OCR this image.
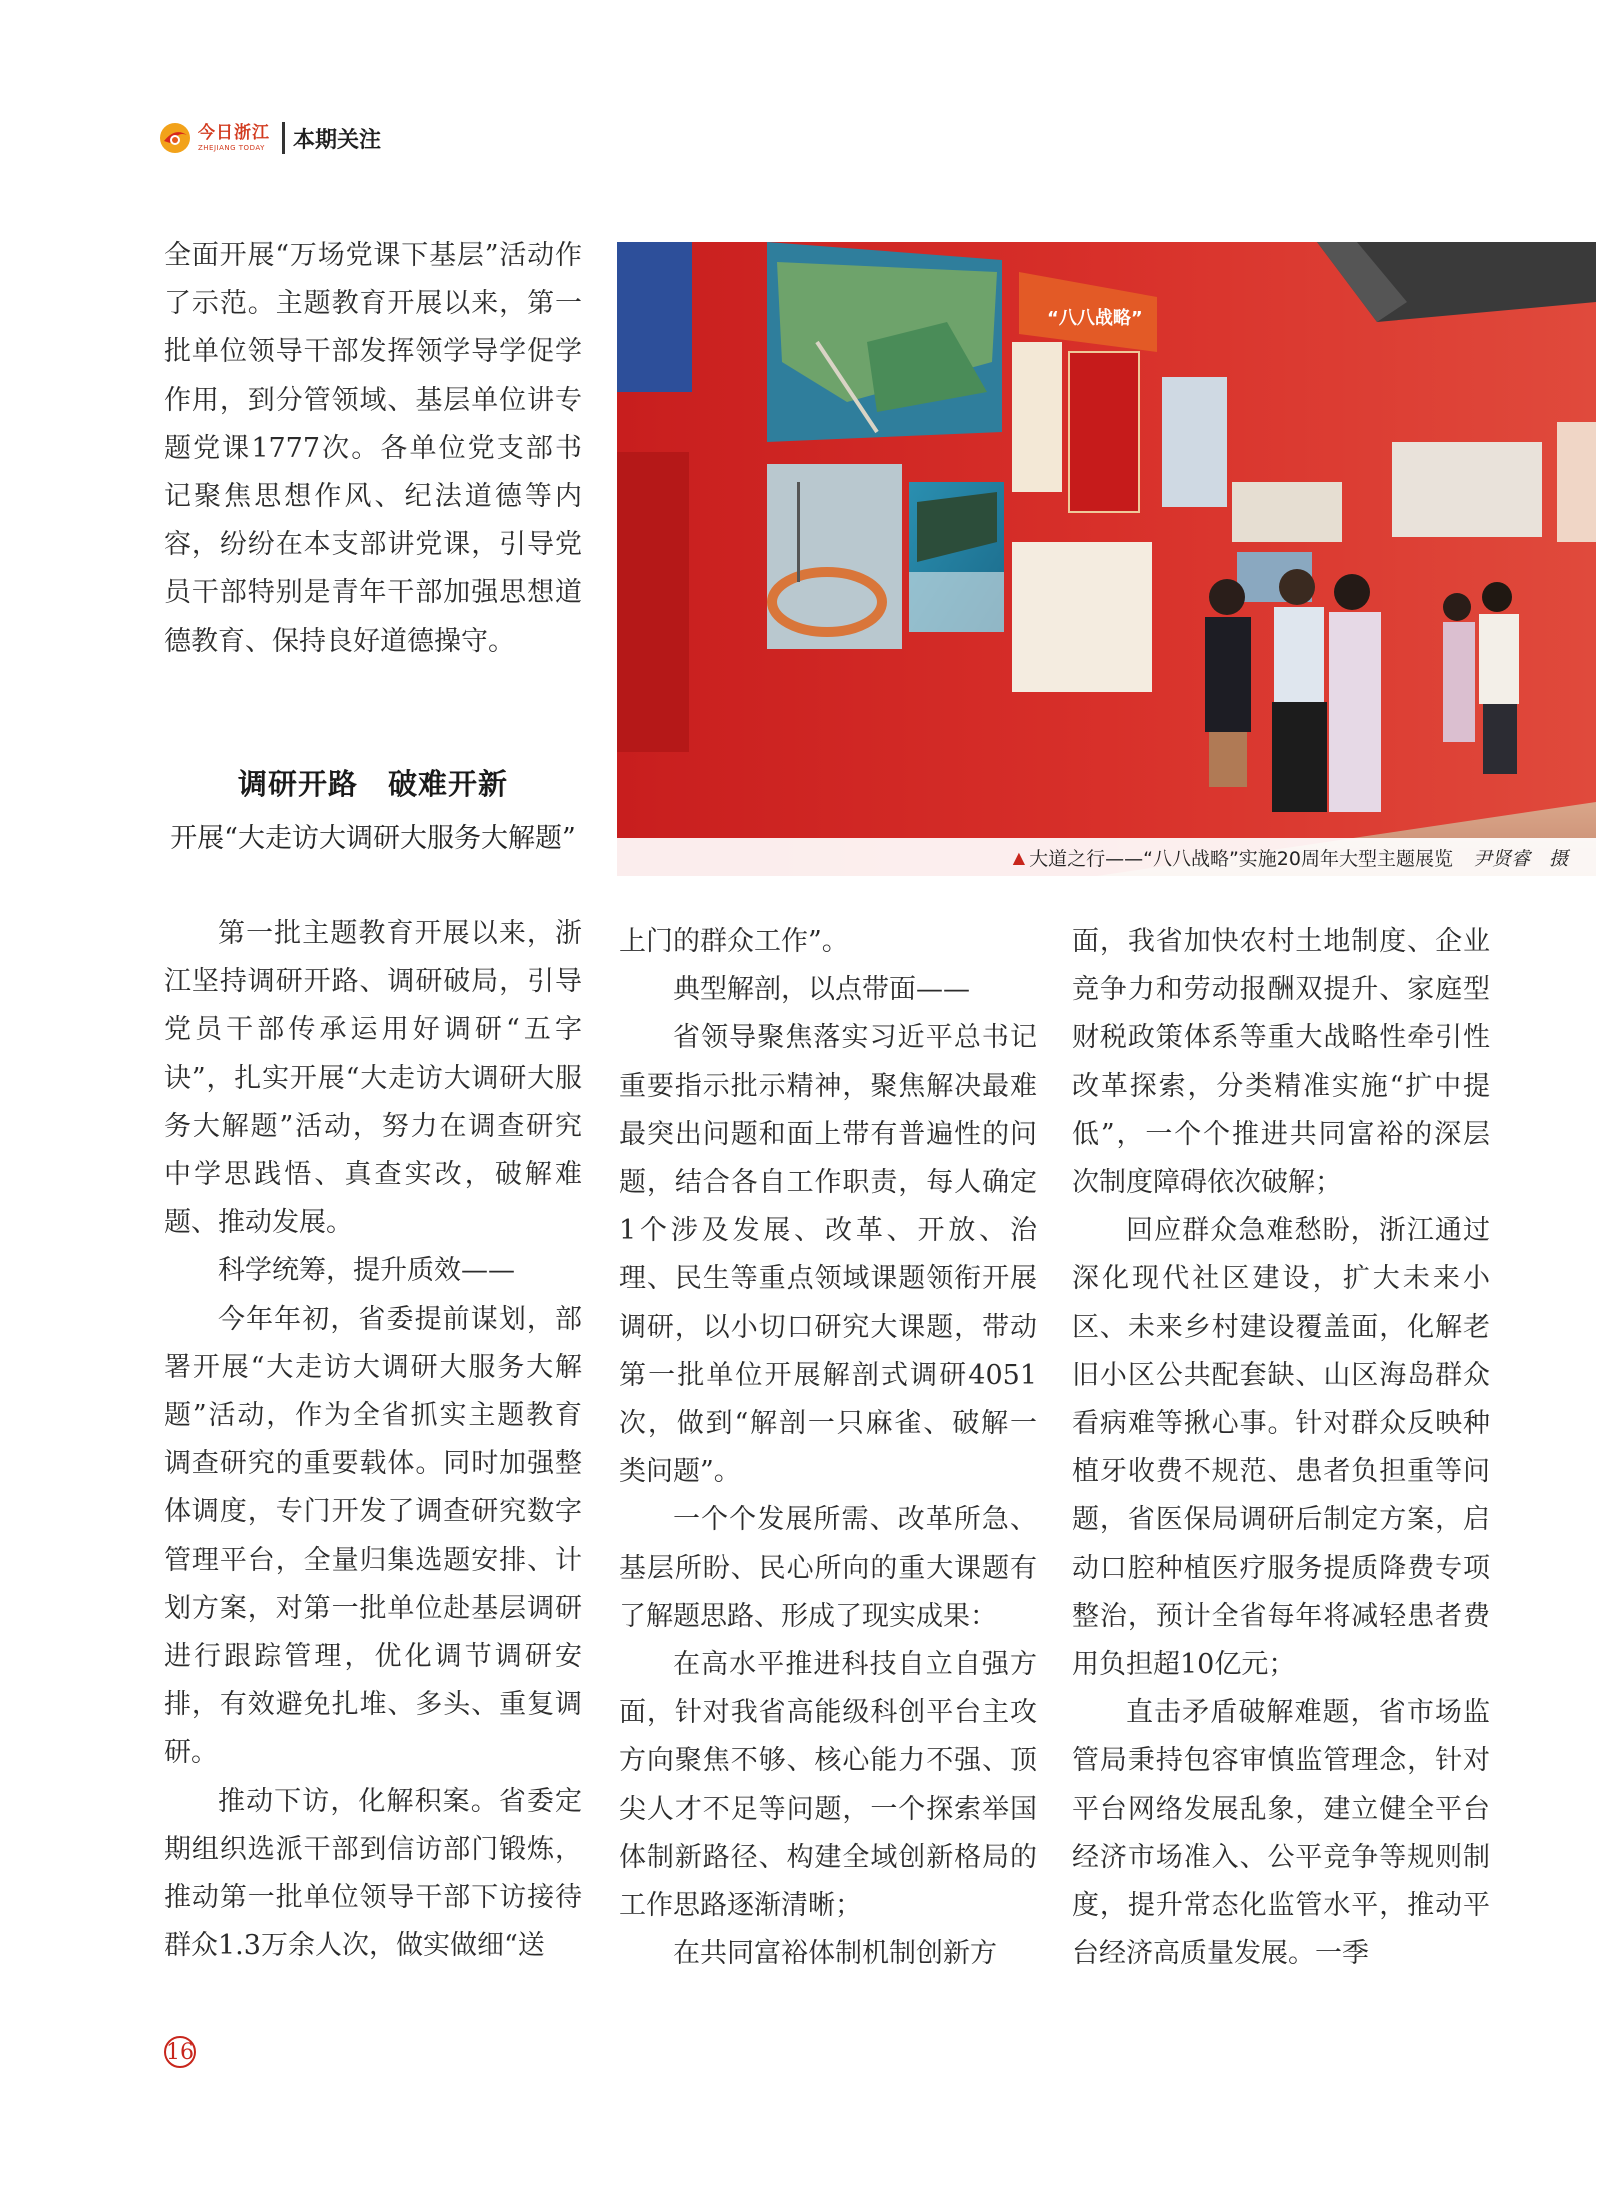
今日浙江
ZHEJIANG TODAY 本期关注

全面开展“万场党课下基层”活动作了示范。主题教育开展以来，第一批单位领导干部发挥领学导学促学作用，到分管领域、基层单位讲专题党课1777次。各单位党支部书记聚焦思想作风、纪法道德等内容，纷纷在本支部讲党课，引导党员干部特别是青年干部加强思想道德教育、保持良好道德操守。

调研开路　破难开新
开展“大走访大调研大服务大解题”
“八八战略”
▲ 大道之行——“八八战略”实施20周年大型主题展览 尹贤睿　摄

第一批主题教育开展以来，浙江坚持调研开路、调研破局，引导党员干部传承运用好调研“五字诀”，扎实开展“大走访大调研大服务大解题”活动，努力在调查研究中学思践悟、真查实改，破解难题、推动发展。

科学统筹，提升质效——

今年年初，省委提前谋划，部署开展“大走访大调研大服务大解题”活动，作为全省抓实主题教育调查研究的重要载体。同时加强整体调度，专门开发了调查研究数字管理平台，全量归集选题安排、计划方案，对第一批单位赴基层调研进行跟踪管理，优化调节调研安排，有效避免扎堆、多头、重复调研。

推动下访，化解积案。省委定期组织选派干部到信访部门锻炼，推动第一批单位领导干部下访接待群众1.3万余人次，做实做细“送

上门的群众工作”。

典型解剖，以点带面——

省领导聚焦落实习近平总书记重要指示批示精神，聚焦解决最难最突出问题和面上带有普遍性的问题，结合各自工作职责，每人确定1个涉及发展、改革、开放、治理、民生等重点领域课题领衔开展调研，以小切口研究大课题，带动第一批单位开展解剖式调研4051次，做到“解剖一只麻雀、破解一类问题”。

一个个发展所需、改革所急、基层所盼、民心所向的重大课题有了解题思路、形成了现实成果：

在高水平推进科技自立自强方面，针对我省高能级科创平台主攻方向聚焦不够、核心能力不强、顶尖人才不足等问题，一个探索举国体制新路径、构建全域创新格局的工作思路逐渐清晰；

在共同富裕体制机制创新方

面，我省加快农村土地制度、企业竞争力和劳动报酬双提升、家庭型财税政策体系等重大战略性牵引性改革探索，分类精准实施“扩中提低”，一个个推进共同富裕的深层次制度障碍依次破解；

回应群众急难愁盼，浙江通过深化现代社区建设，扩大未来小区、未来乡村建设覆盖面，化解老旧小区公共配套缺、山区海岛群众看病难等揪心事。针对群众反映种植牙收费不规范、患者负担重等问题，省医保局调研后制定方案，启动口腔种植医疗服务提质降费专项整治，预计全省每年将减轻患者费用负担超10亿元；

直击矛盾破解难题，省市场监管局秉持包容审慎监管理念，针对平台网络发展乱象，建立健全平台经济市场准入、公平竞争等规则制度，提升常态化监管水平，推动平台经济高质量发展。一季

16
